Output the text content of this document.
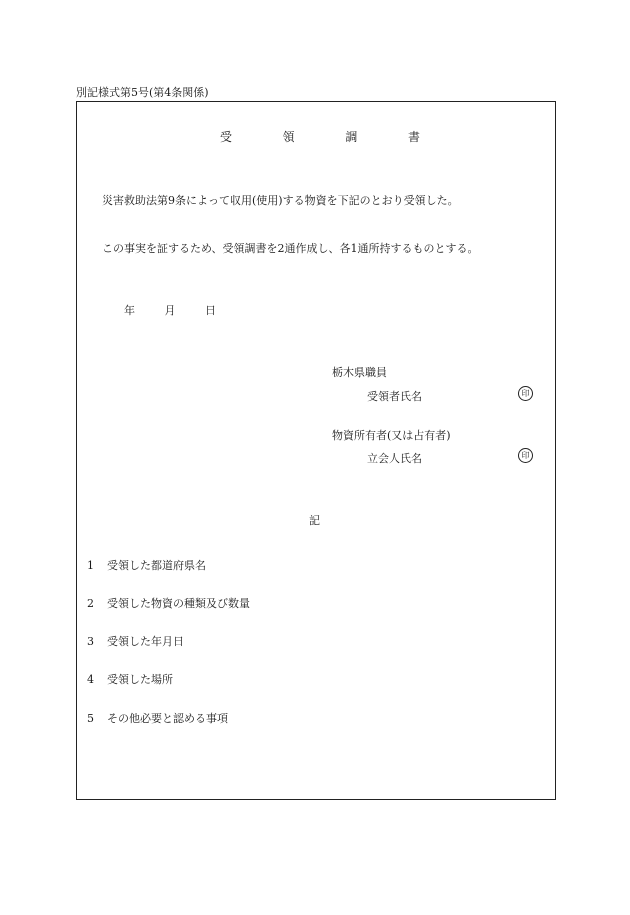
別記様式第5号(第4条関係)
受	領	調	書
災害救助法第9条によって収用(使用)する物資を下記のとおり受領した。
この事実を証するため、受領調書を2通作成し、各1通所持するものとする。
年	月	日
栃木県職員
受領者氏名	印
物資所有者(又は占有者)
立会人氏名	印
記
1 受領した都道府県名
2 受領した物資の種類及び数量
3 受領した年月日
4 受領した場所
5 その他必要と認める事項
